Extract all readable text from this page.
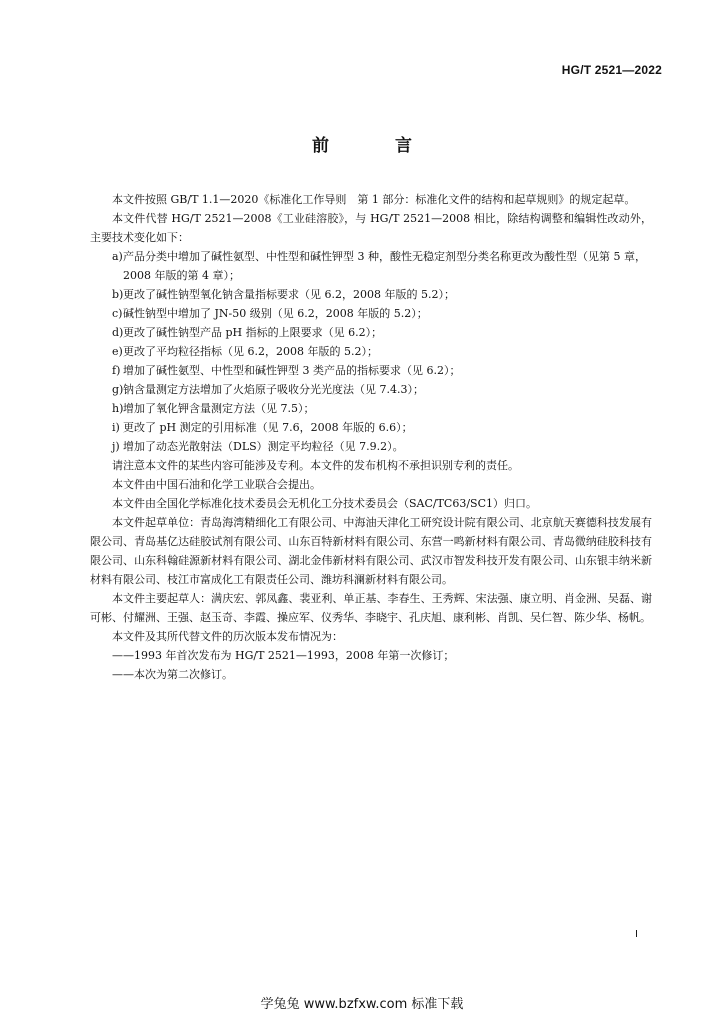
HG/T 2521—2022
前 言

本文件按照 GB/T 1.1—2020《标准化工作导则　第 1 部分：标准化文件的结构和起草规则》的规定起草。

本文件代替 HG/T 2521—2008《工业硅溶胶》，与 HG/T 2521—2008 相比，除结构调整和编辑性改动外，主要技术变化如下：

a) 产品分类中增加了碱性氨型、中性型和碱性钾型 3 种，酸性无稳定剂型分类名称更改为酸性型（见第 5 章，2008 年版的第 4 章）；
b) 更改了碱性钠型氧化钠含量指标要求（见 6.2，2008 年版的 5.2）；
c) 碱性钠型中增加了 JN-50 级别（见 6.2，2008 年版的 5.2）；
d) 更改了碱性钠型产品 pH 指标的上限要求（见 6.2）；
e) 更改了平均粒径指标（见 6.2，2008 年版的 5.2）；
f) 增加了碱性氨型、中性型和碱性钾型 3 类产品的指标要求（见 6.2）；
g) 钠含量测定方法增加了火焰原子吸收分光光度法（见 7.4.3）；
h) 增加了氧化钾含量测定方法（见 7.5）；
i) 更改了 pH 测定的引用标准（见 7.6，2008 年版的 6.6）；
j) 增加了动态光散射法（DLS）测定平均粒径（见 7.9.2）。

请注意本文件的某些内容可能涉及专利。本文件的发布机构不承担识别专利的责任。

本文件由中国石油和化学工业联合会提出。

本文件由全国化学标准化技术委员会无机化工分技术委员会（SAC/TC63/SC1）归口。

本文件起草单位：青岛海湾精细化工有限公司、中海油天津化工研究设计院有限公司、北京航天赛德科技发展有限公司、青岛基亿达硅胶试剂有限公司、山东百特新材料有限公司、东营一鸣新材料有限公司、青岛微纳硅胶科技有限公司、山东科翰硅源新材料有限公司、湖北金伟新材料有限公司、武汉市智发科技开发有限公司、山东银丰纳米新材料有限公司、枝江市富成化工有限责任公司、潍坊科澜新材料有限公司。

本文件主要起草人：满庆宏、郭凤鑫、裴亚利、单正基、李春生、王秀辉、宋法强、康立明、肖金洲、吴磊、谢可彬、付耀洲、王强、赵玉奇、李霞、操应军、仪秀华、李晓宇、孔庆旭、康利彬、肖凯、吴仁智、陈少华、杨帆。

本文件及其所代替文件的历次版本发布情况为：

——1993 年首次发布为 HG/T 2521—1993，2008 年第一次修订；

——本次为第二次修订。

I
学兔兔 www.bzfxw.com 标准下载
